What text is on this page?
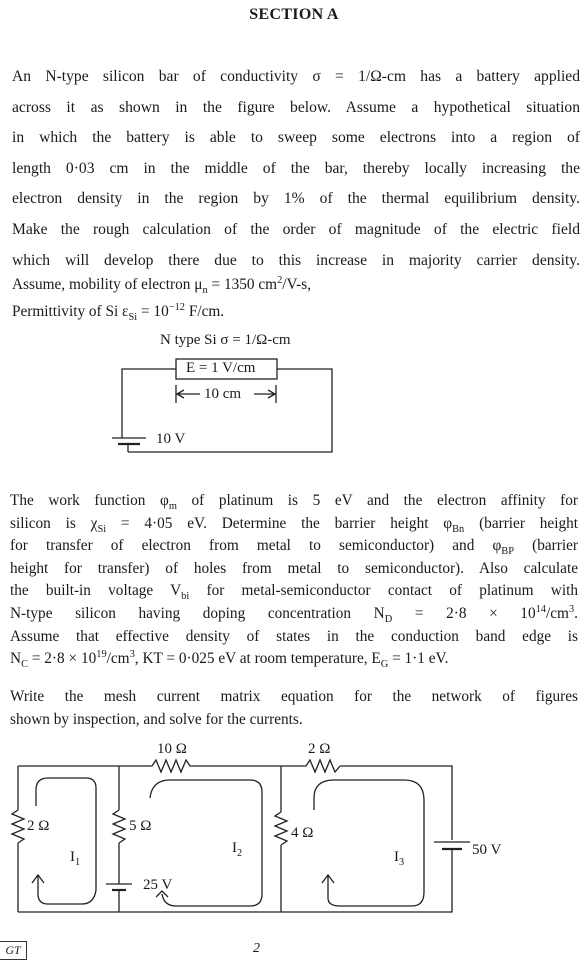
SECTION A
An N-type silicon bar of conductivity σ = 1/Ω-cm has a battery applied
across it as shown in the figure below. Assume a hypothetical situation
in which the battery is able to sweep some electrons into a region of
length 0·03 cm in the middle of the bar, thereby locally increasing the
electron density in the region by 1% of the thermal equilibrium density.
Make the rough calculation of the order of magnitude of the electric field
which will develop there due to this increase in majority carrier density.
Assume, mobility of electron $\mu_n = 1350$ $cm^2/V-s$,
Permittivity of Si $\varepsilon_{Si} = 10^{-12}$ F/cm.
N type Si σ = 1/Ω-cm
E = 1 V/cm
10 cm
10 V
The work function $\varphi_m$ of platinum is 5 eV and the electron affinity for
silicon is $\chi_{Si} = 4\cdot 05$ eV. Determine the barrier height $\varphi_{Bn}$ (barrier height
for transfer of electron from metal to semiconductor) and $\varphi_{BP}$ (barrier
height for transfer) of holes from metal to semiconductor). Also calculate
the built-in voltage $V_{bi}$ for metal-semiconductor contact of platinum with
N-type silicon having doping concentration $N_D = 2\cdot 8 \times 10^{14}/cm^3$.
Assume that effective density of states in the conduction band edge is
$N_C = 2\cdot 8 \times 10^{19}/cm^3$, KT = 0·025 eV at room temperature, $E_G = 1\cdot 1$ eV.
Write the mesh current matrix equation for the network of figures
shown by inspection, and solve for the currents.
10 Ω	2 Ω
2 Ω	5 Ω	4 Ω
25 V
50 V
$I_1$
$I_2$	$I_3$
GT	2
